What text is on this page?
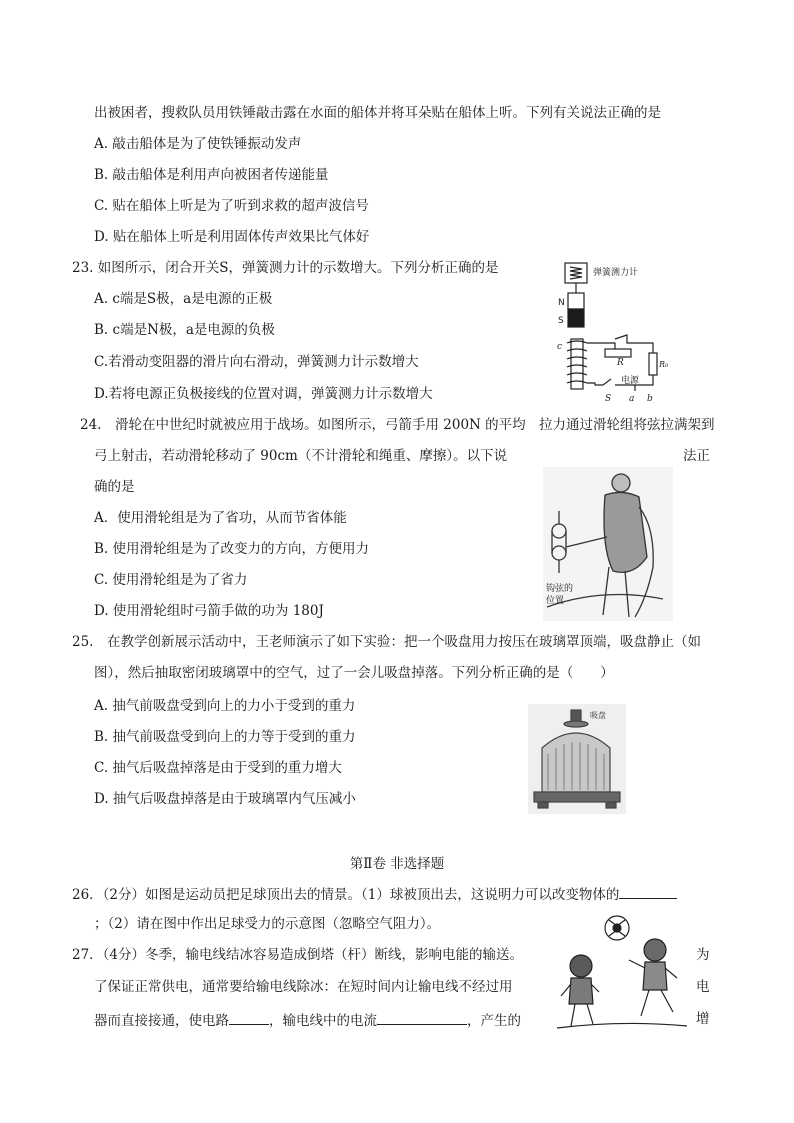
出被困者，搜救队员用铁锤敲击露在水面的船体并将耳朵贴在船体上听。下列有关说法正确的是
A. 敲击船体是为了使铁锤振动发声
B. 敲击船体是利用声向被困者传递能量
C. 贴在船体上听是为了听到求救的超声波信号
D. 贴在船体上听是利用固体传声效果比气体好
23. 如图所示，闭合开关S，弹簧测力计的示数增大。下列分析正确的是
A. c端是S极，a是电源的正极
B. c端是N极，a是电源的负极
C.若滑动变阻器的滑片向右滑动，弹簧测力计示数增大
D.若将电源正负极接线的位置对调，弹簧测力计示数增大
弹簧测力计
N
S
c
R	R₀
电源
S a b
24.　滑轮在中世纪时就被应用于战场。如图所示，弓箭手用 200N 的平均 拉力通过滑轮组将弦拉满架到
弓上射击，若动滑轮移动了 90cm（不计滑轮和绳重、摩擦）。以下说	法正
确的是
A．使用滑轮组是为了省功，从而节省体能
B. 使用滑轮组是为了改变力的方向，方便用力
C. 使用滑轮组是为了省力
D. 使用滑轮组时弓箭手做的功为 180J
钩弦的
位置
25.　在教学创新展示活动中，王老师演示了如下实验：把一个吸盘用力按压在玻璃罩顶端，吸盘静止（如
图），然后抽取密闭玻璃罩中的空气，过了一会儿吸盘掉落。下列分析正确的是（　　）
A. 抽气前吸盘受到向上的力小于受到的重力
B. 抽气前吸盘受到向上的力等于受到的重力
C. 抽气后吸盘掉落是由于受到的重力增大
D. 抽气后吸盘掉落是由于玻璃罩内气压减小
吸盘
第Ⅱ卷 非选择题
26．（2分）如图是运动员把足球顶出去的情景。（1）球被顶出去，这说明力可以改变物体的
；（2）请在图中作出足球受力的示意图（忽略空气阻力）。
27．（4分）冬季，输电线结冰容易造成倒塔（杆）断线，影响电能的输送。	为
了保证正常供电，通常要给输电线除冰：在短时间内让输电线不经过用	电
器而直接接通，使电路	，输电线中的电流	，产生的	增
